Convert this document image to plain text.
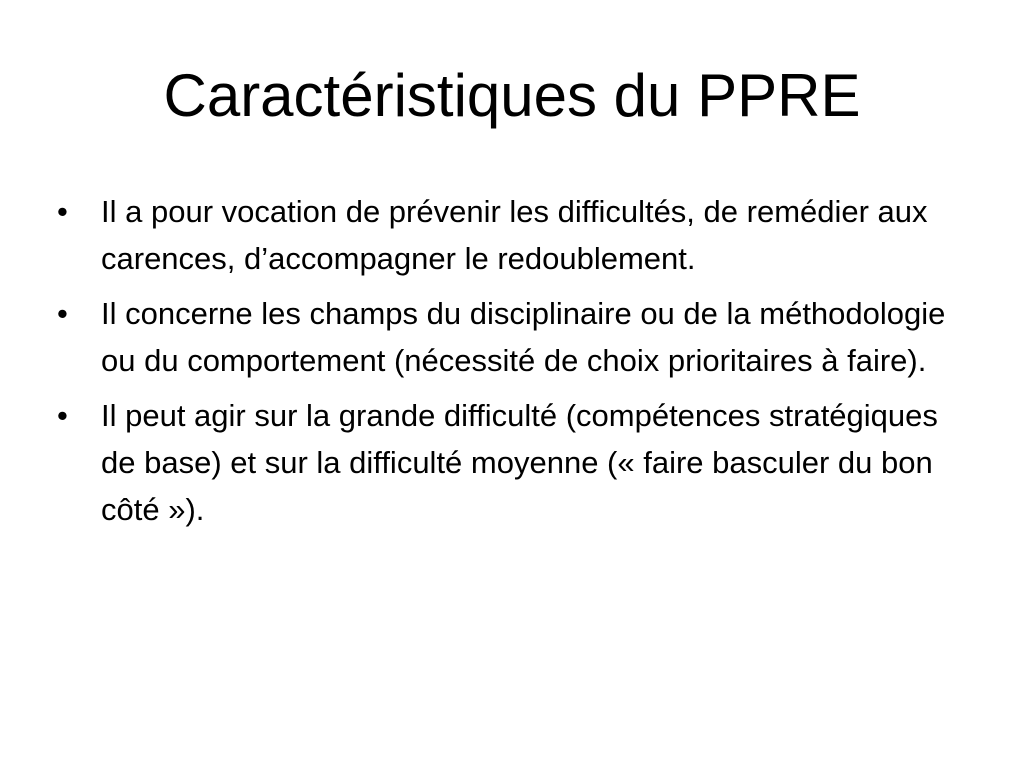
Caractéristiques du PPRE
•	Il a pour vocation de prévenir les difficultés, de remédier aux carences, d’accompagner le redoublement.
•	Il concerne les champs du disciplinaire ou de la méthodologie ou du comportement (nécessité de choix prioritaires à faire).
•	Il peut agir sur la grande difficulté (compétences stratégiques de base) et sur la difficulté moyenne (« faire basculer du bon côté »).
